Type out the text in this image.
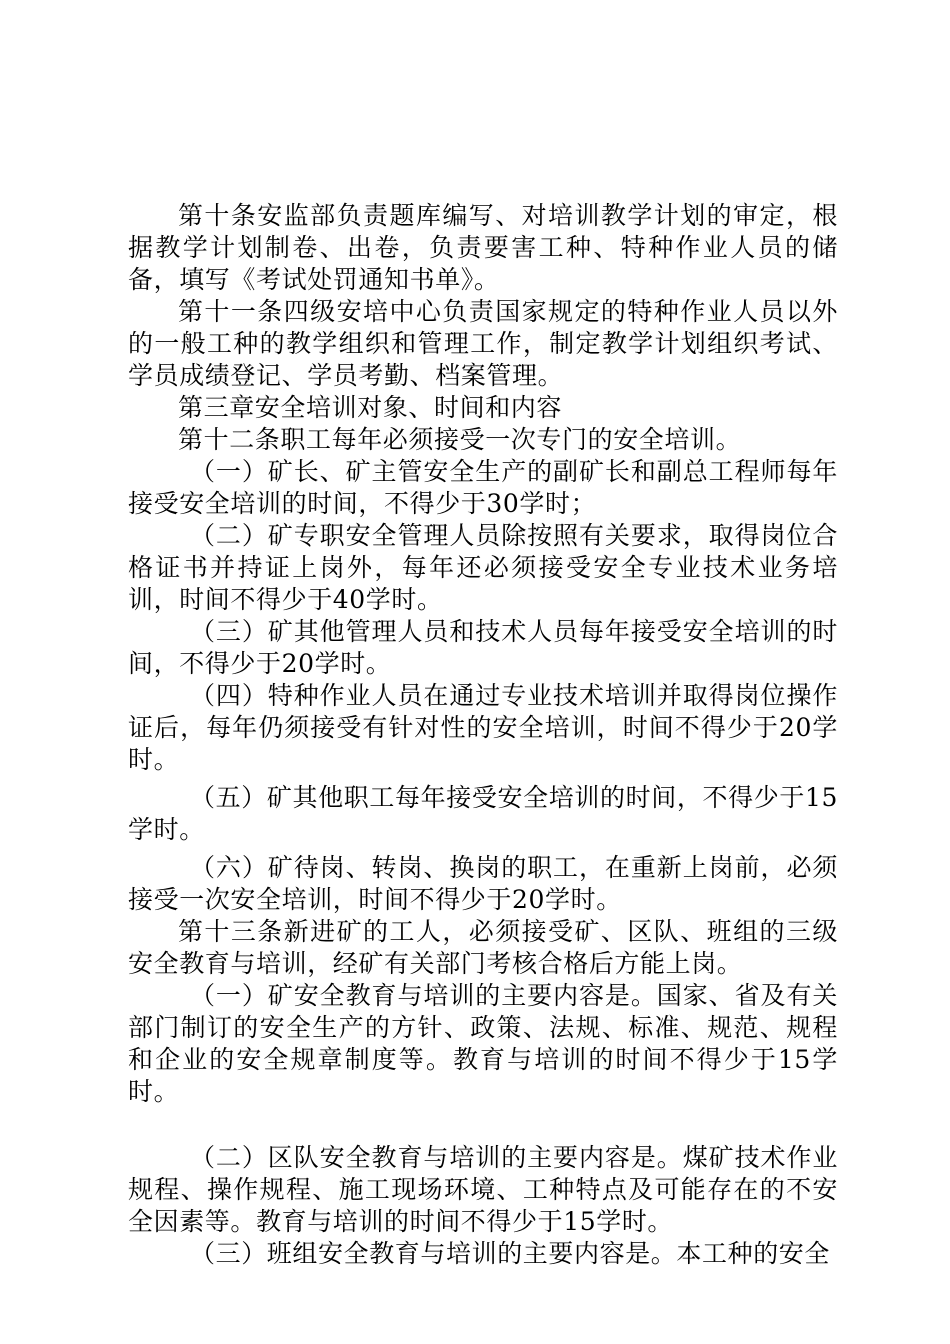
第十条安监部负责题库编写、对培训教学计划的审定，根据教学计划制卷、出卷，负责要害工种、特种作业人员的储备，填写《考试处罚通知书单》。

第十一条四级安培中心负责国家规定的特种作业人员以外的一般工种的教学组织和管理工作，制定教学计划组织考试、学员成绩登记、学员考勤、档案管理。

第三章安全培训对象、时间和内容

第十二条职工每年必须接受一次专门的安全培训。

（一）矿长、矿主管安全生产的副矿长和副总工程师每年接受安全培训的时间，不得少于30学时；

（二）矿专职安全管理人员除按照有关要求，取得岗位合格证书并持证上岗外，每年还必须接受安全专业技术业务培训，时间不得少于40学时。

（三）矿其他管理人员和技术人员每年接受安全培训的时间，不得少于20学时。

（四）特种作业人员在通过专业技术培训并取得岗位操作证后，每年仍须接受有针对性的安全培训，时间不得少于20学时。

（五）矿其他职工每年接受安全培训的时间，不得少于15学时。

（六）矿待岗、转岗、换岗的职工，在重新上岗前，必须接受一次安全培训，时间不得少于20学时。

第十三条新进矿的工人，必须接受矿、区队、班组的三级安全教育与培训，经矿有关部门考核合格后方能上岗。

（一）矿安全教育与培训的主要内容是。国家、省及有关部门制订的安全生产的方针、政策、法规、标准、规范、规程和企业的安全规章制度等。教育与培训的时间不得少于15学时。

（二）区队安全教育与培训的主要内容是。煤矿技术作业规程、操作规程、施工现场环境、工种特点及可能存在的不安全因素等。教育与培训的时间不得少于15学时。

（三）班组安全教育与培训的主要内容是。本工种的安全
